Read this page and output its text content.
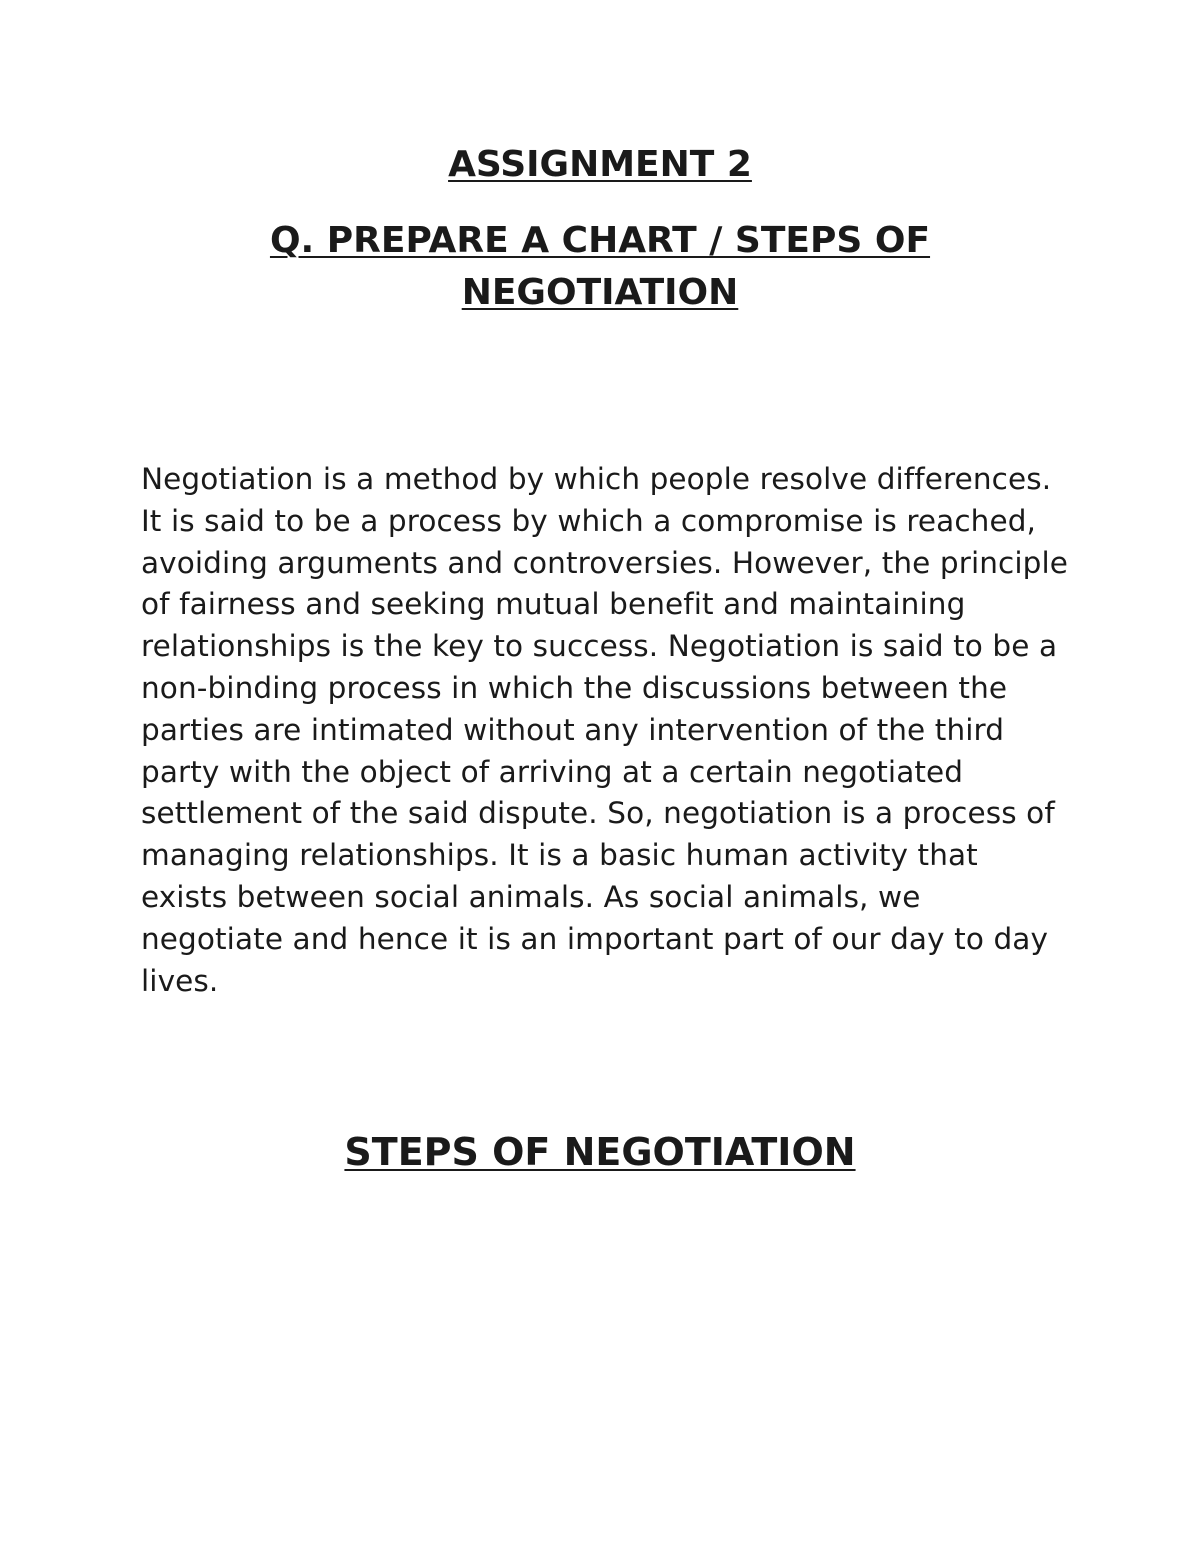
ASSIGNMENT 2
Q. PREPARE A CHART / STEPS OF NEGOTIATION

Negotiation is a method by which people resolve differences. It is said to be a process by which a compromise is reached, avoiding arguments and controversies. However, the principle of fairness and seeking mutual benefit and maintaining relationships is the key to success. Negotiation is said to be a non-binding process in which the discussions between the parties are intimated without any intervention of the third party with the object of arriving at a certain negotiated settlement of the said dispute. So, negotiation is a process of managing relationships. It is a basic human activity that exists between social animals. As social animals, we negotiate and hence it is an important part of our day to day lives.

STEPS OF NEGOTIATION
